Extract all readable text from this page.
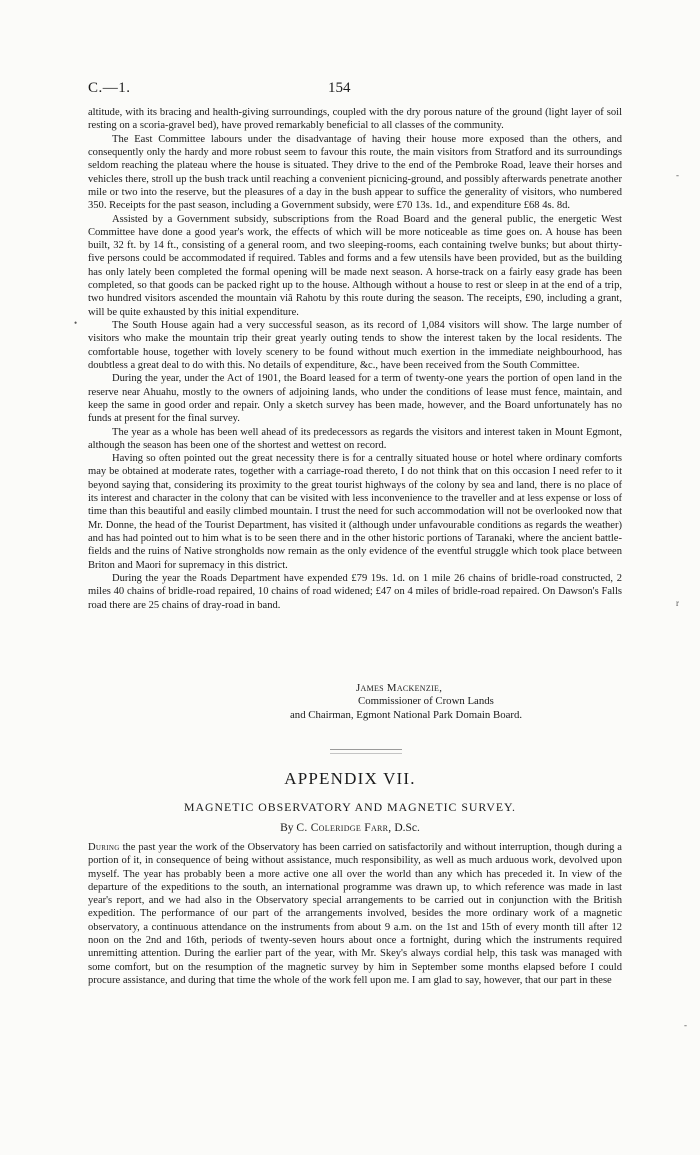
C.—1.	154

altitude, with its bracing and health-giving surroundings, coupled with the dry porous nature of the ground (light layer of soil resting on a scoria-gravel bed), have proved remarkably beneficial to all classes of the community.

The East Committee labours under the disadvantage of having their house more exposed than the others, and consequently only the hardy and more robust seem to favour this route, the main visitors from Stratford and its surroundings seldom reaching the plateau where the house is situated. They drive to the end of the Pembroke Road, leave their horses and vehicles there, stroll up the bush track until reaching a convenient picnicing-ground, and possibly afterwards penetrate another mile or two into the reserve, but the pleasures of a day in the bush appear to suffice the generality of visitors, who numbered 350. Receipts for the past season, including a Government subsidy, were £70 13s. 1d., and expenditure £68 4s. 8d.

Assisted by a Government subsidy, subscriptions from the Road Board and the general public, the energetic West Committee have done a good year's work, the effects of which will be more noticeable as time goes on. A house has been built, 32 ft. by 14 ft., consisting of a general room, and two sleeping-rooms, each containing twelve bunks; but about thirty-five persons could be accommodated if required. Tables and forms and a few utensils have been provided, but as the building has only lately been completed the formal opening will be made next season. A horse-track on a fairly easy grade has been completed, so that goods can be packed right up to the house. Although without a house to rest or sleep in at the end of a trip, two hundred visitors ascended the mountain viâ Rahotu by this route during the season. The receipts, £90, including a grant, will be quite exhausted by this initial expenditure.

The South House again had a very successful season, as its record of 1,084 visitors will show. The large number of visitors who make the mountain trip their great yearly outing tends to show the interest taken by the local residents. The comfortable house, together with lovely scenery to be found without much exertion in the immediate neighbourhood, has doubtless a great deal to do with this. No details of expenditure, &c., have been received from the South Committee.

During the year, under the Act of 1901, the Board leased for a term of twenty-one years the portion of open land in the reserve near Ahuahu, mostly to the owners of adjoining lands, who under the conditions of lease must fence, maintain, and keep the same in good order and repair. Only a sketch survey has been made, however, and the Board unfortunately has no funds at present for the final survey.

The year as a whole has been well ahead of its predecessors as regards the visitors and interest taken in Mount Egmont, although the season has been one of the shortest and wettest on record.

Having so often pointed out the great necessity there is for a centrally situated house or hotel where ordinary comforts may be obtained at moderate rates, together with a carriage-road thereto, I do not think that on this occasion I need refer to it beyond saying that, considering its proximity to the great tourist highways of the colony by sea and land, there is no place of its interest and character in the colony that can be visited with less inconvenience to the traveller and at less expense or loss of time than this beautiful and easily climbed mountain. I trust the need for such accommodation will not be overlooked now that Mr. Donne, the head of the Tourist Department, has visited it (although under unfavourable conditions as regards the weather) and has had pointed out to him what is to be seen there and in the other historic portions of Taranaki, where the ancient battle-fields and the ruins of Native strongholds now remain as the only evidence of the eventful struggle which took place between Briton and Maori for supremacy in this district.

During the year the Roads Department have expended £79 19s. 1d. on 1 mile 26 chains of bridle-road constructed, 2 miles 40 chains of bridle-road repaired, 10 chains of road widened; £47 on 4 miles of bridle-road repaired. On Dawson's Falls road there are 25 chains of dray-road in band.

James Mackenzie,
Commissioner of Crown Lands
and Chairman, Egmont National Park Domain Board.
APPENDIX VII.
MAGNETIC OBSERVATORY AND MAGNETIC SURVEY.
By C. Coleridge Farr, D.Sc.

During the past year the work of the Observatory has been carried on satisfactorily and without interruption, though during a portion of it, in consequence of being without assistance, much responsibility, as well as much arduous work, devolved upon myself. The year has probably been a more active one all over the world than any which has preceded it. In view of the departure of the expeditions to the south, an international programme was drawn up, to which reference was made in last year's report, and we had also in the Observatory special arrangements to be carried out in conjunction with the British expedition. The performance of our part of the arrangements involved, besides the more ordinary work of a magnetic observatory, a continuous attendance on the instruments from about 9 a.m. on the 1st and 15th of every month till after 12 noon on the 2nd and 16th, periods of twenty-seven hours about once a fortnight, during which the instruments required unremitting attention. During the earlier part of the year, with Mr. Skey's always cordial help, this task was managed with some comfort, but on the resumption of the magnetic survey by him in September some months elapsed before I could procure assistance, and during that time the whole of the work fell upon me. I am glad to say, however, that our part in these

-
•
r
-
